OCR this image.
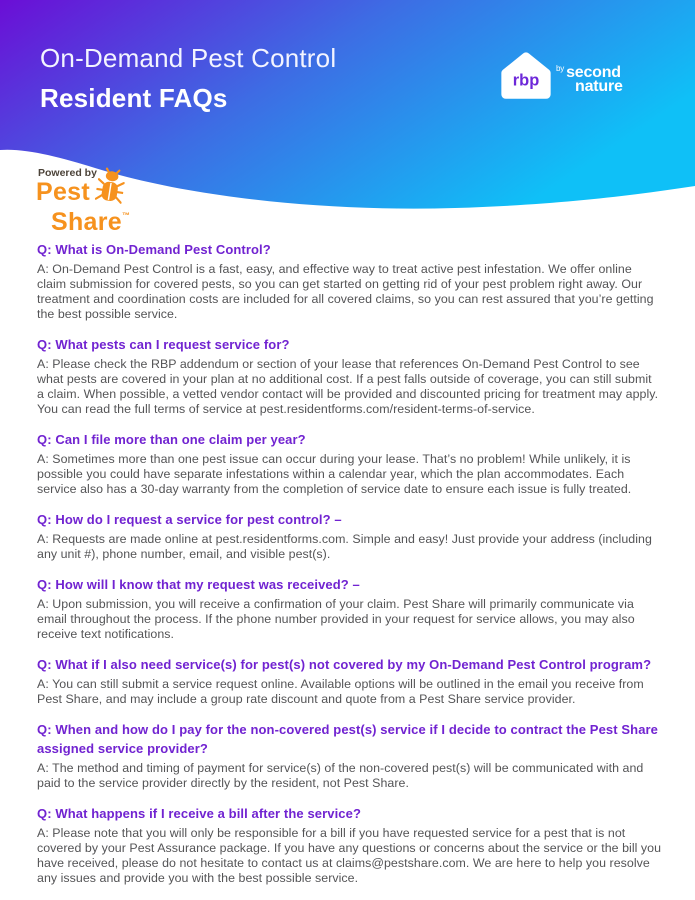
On-Demand Pest Control
Resident FAQs
rbp
$^{by}$ second
nature
Powered by
Pest
Share™
Q: What is On-Demand Pest Control?
A: On-Demand Pest Control is a fast, easy, and effective way to treat active pest infestation. We offer online claim submission for covered pests, so you can get started on getting rid of your pest problem right away. Our treatment and coordination costs are included for all covered claims, so you can rest assured that you’re getting the best possible service.
Q: What pests can I request service for?
A: Please check the RBP addendum or section of your lease that references On-Demand Pest Control to see what pests are covered in your plan at no additional cost. If a pest falls outside of coverage, you can still submit a claim. When possible, a vetted vendor contact will be provided and discounted pricing for treatment may apply. You can read the full terms of service at pest.residentforms.com/resident-terms-of-service.
Q: Can I file more than one claim per year?
A: Sometimes more than one pest issue can occur during your lease. That’s no problem! While unlikely, it is possible you could have separate infestations within a calendar year, which the plan accommodates. Each service also has a 30-day warranty from the completion of service date to ensure each issue is fully treated.
Q: How do I request a service for pest control? –
A: Requests are made online at pest.residentforms.com. Simple and easy! Just provide your address (including any unit #), phone number, email, and visible pest(s).
Q: How will I know that my request was received? –
A: Upon submission, you will receive a confirmation of your claim. Pest Share will primarily communicate via email throughout the process. If the phone number provided in your request for service allows, you may also receive text notifications.
Q: What if I also need service(s) for pest(s) not covered by my On-Demand Pest Control program?
A: You can still submit a service request online. Available options will be outlined in the email you receive from Pest Share, and may include a group rate discount and quote from a Pest Share service provider.
Q: When and how do I pay for the non-covered pest(s) service if I decide to contract the Pest Share assigned service provider?
A: The method and timing of payment for service(s) of the non-covered pest(s) will be communicated with and paid to the service provider directly by the resident, not Pest Share.
Q: What happens if I receive a bill after the service?
A: Please note that you will only be responsible for a bill if you have requested service for a pest that is not covered by your Pest Assurance package. If you have any questions or concerns about the service or the bill you have received, please do not hesitate to contact us at claims@pestshare.com. We are here to help you resolve any issues and provide you with the best possible service.
